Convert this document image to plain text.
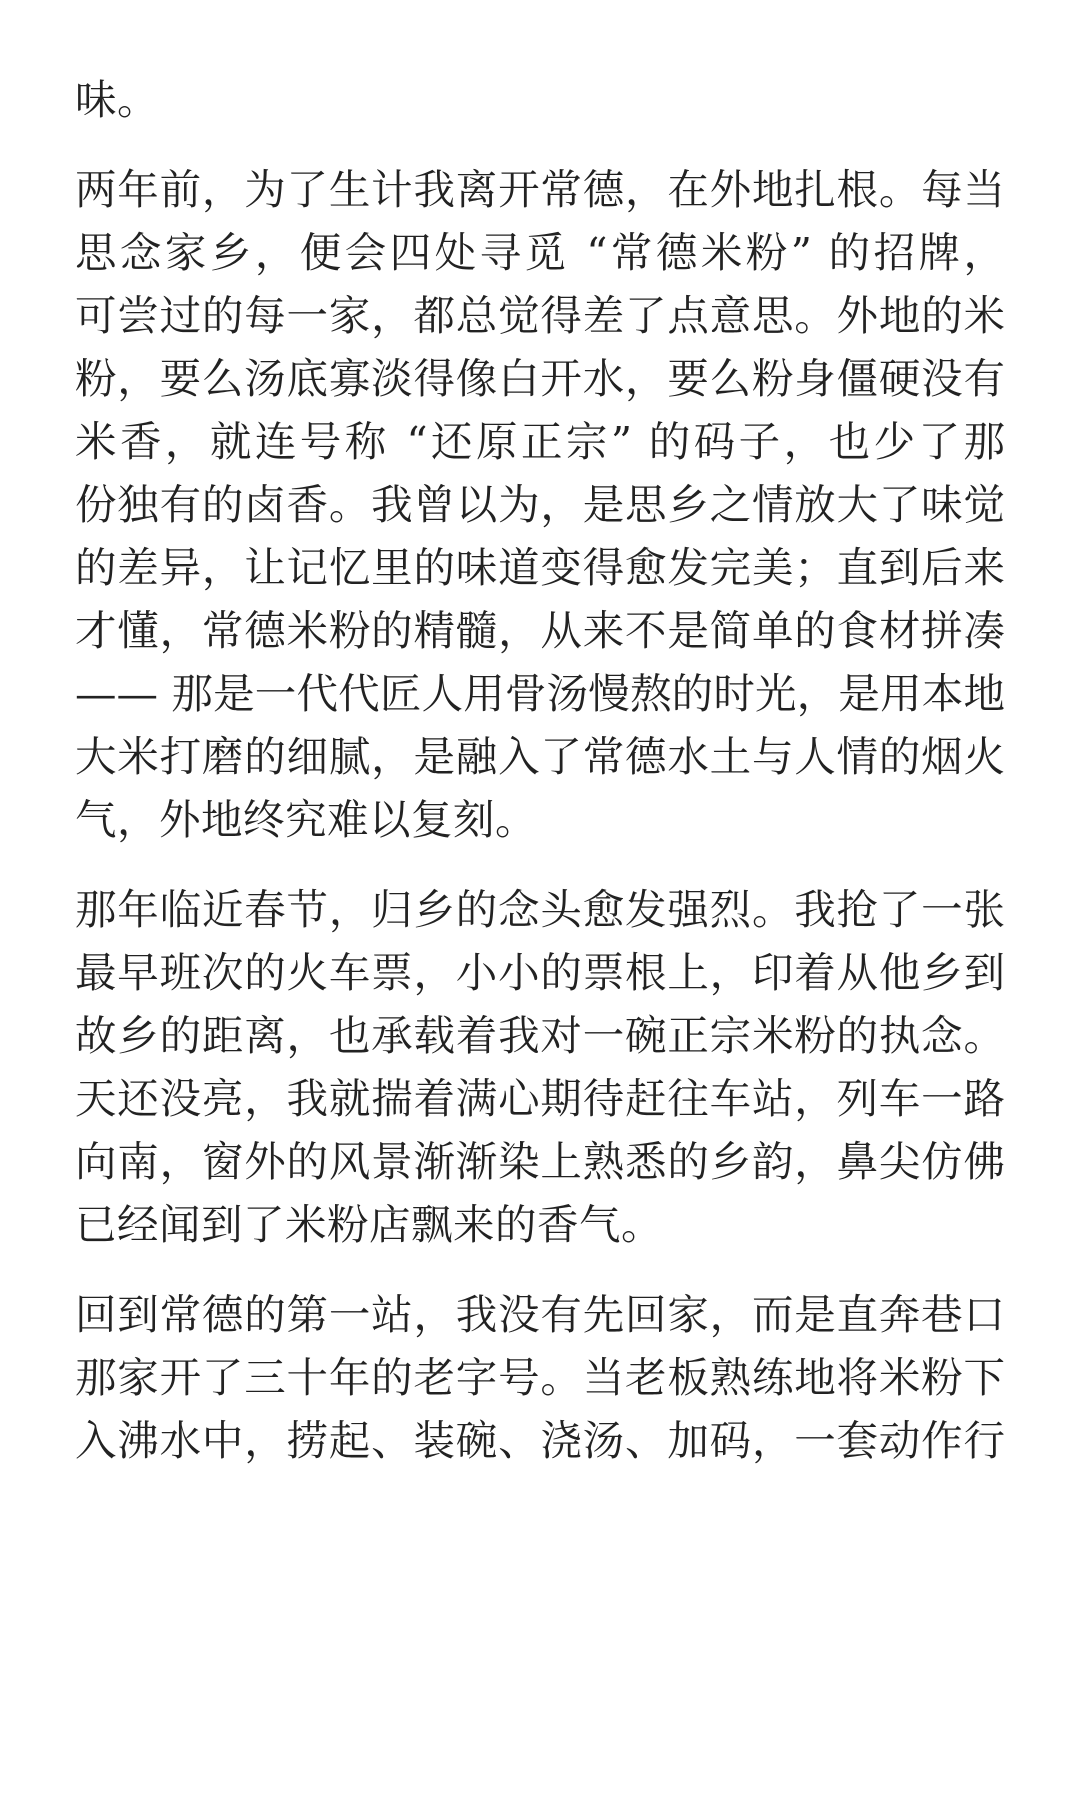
味。
两年前，为了生计我离开常德，在外地扎根。每当
思念家乡，便会四处寻觅 “常德米粉” 的招牌，
可尝过的每一家，都总觉得差了点意思。外地的米
粉，要么汤底寡淡得像白开水，要么粉身僵硬没有
米香，就连号称 “还原正宗” 的码子，也少了那
份独有的卤香。我曾以为，是思乡之情放大了味觉
的差异，让记忆里的味道变得愈发完美；直到后来
才懂，常德米粉的精髓，从来不是简单的食材拼凑
—— 那是一代代匠人用骨汤慢熬的时光，是用本地
大米打磨的细腻，是融入了常德水土与人情的烟火
气，外地终究难以复刻。
那年临近春节，归乡的念头愈发强烈。我抢了一张
最早班次的火车票，小小的票根上，印着从他乡到
故乡的距离，也承载着我对一碗正宗米粉的执念。
天还没亮，我就揣着满心期待赶往车站，列车一路
向南，窗外的风景渐渐染上熟悉的乡韵，鼻尖仿佛
已经闻到了米粉店飘来的香气。
回到常德的第一站，我没有先回家，而是直奔巷口
那家开了三十年的老字号。当老板熟练地将米粉下
入沸水中，捞起、装碗、浇汤、加码，一套动作行
